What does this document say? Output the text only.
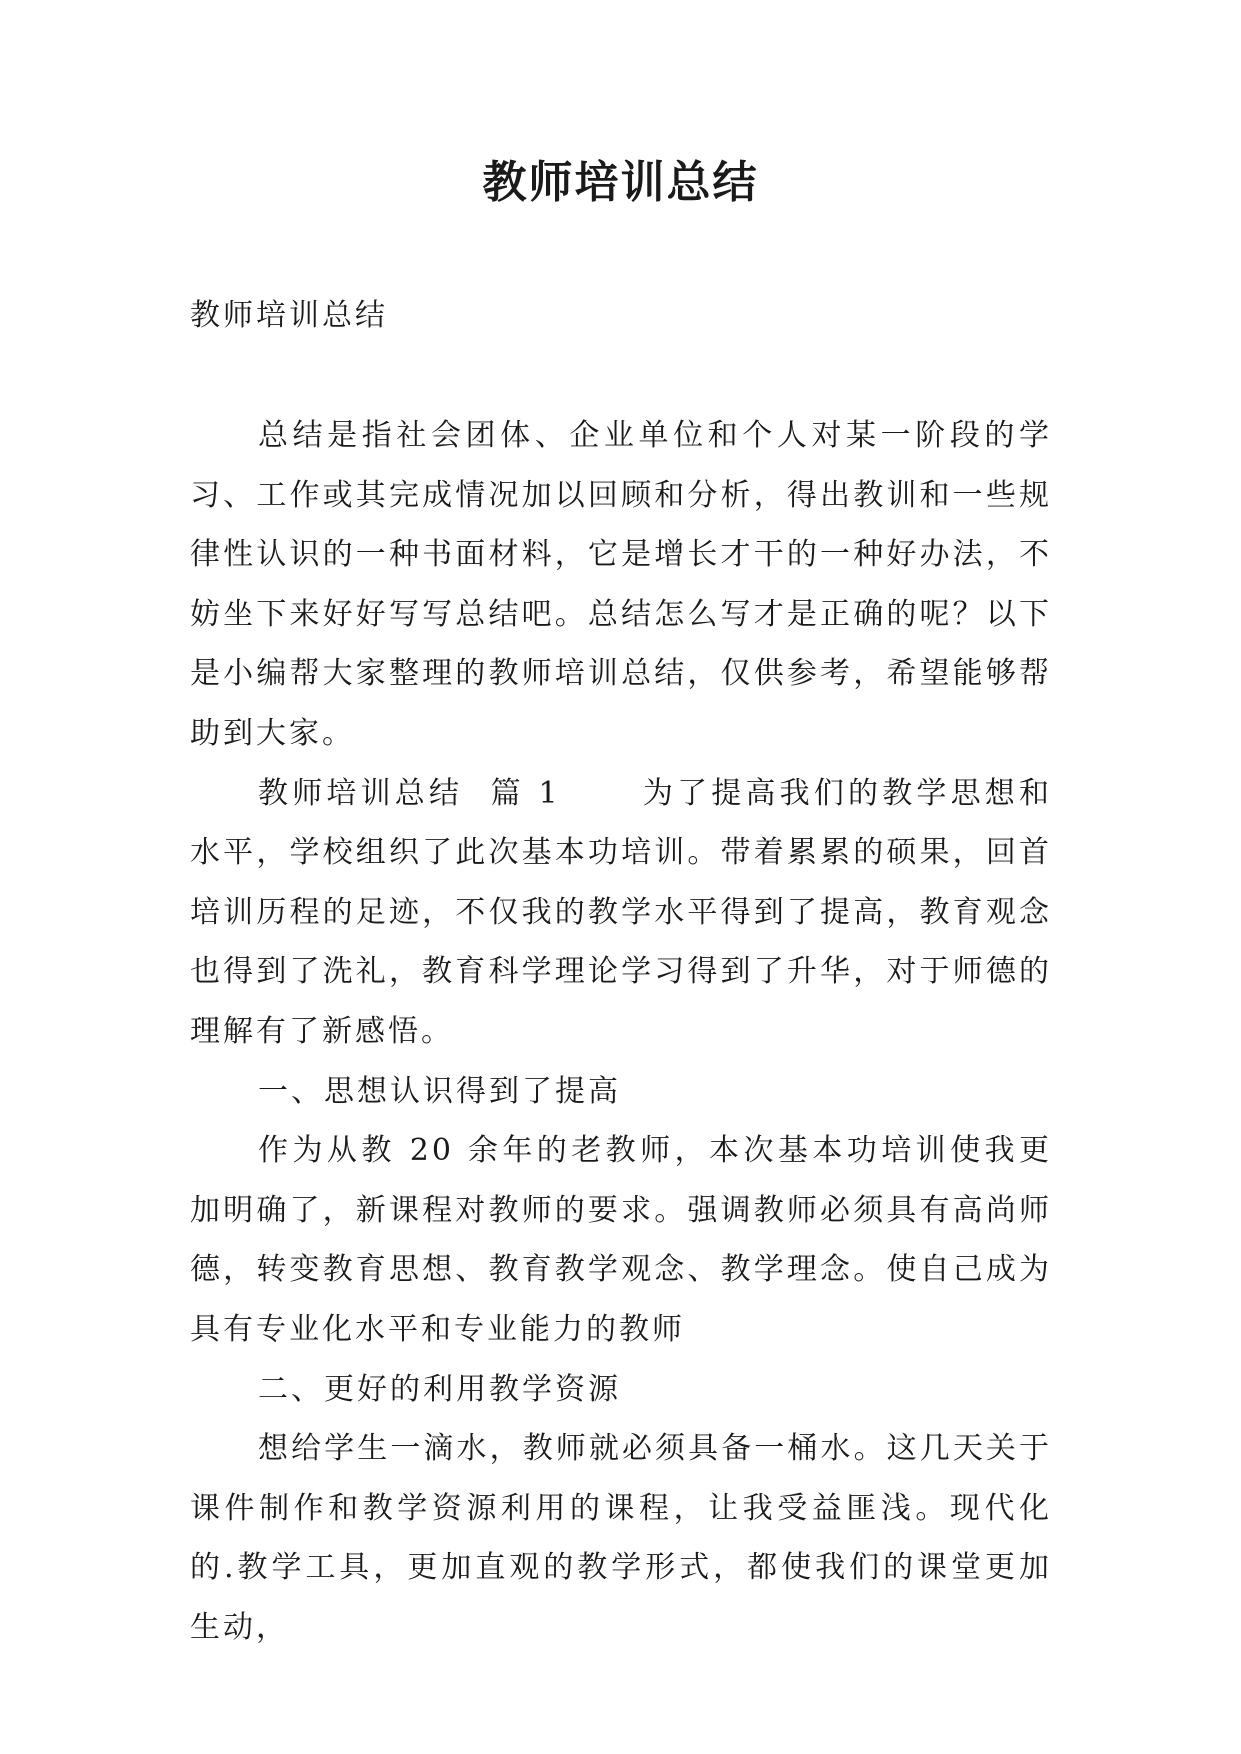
教师培训总结

教师培训总结

总结是指社会团体、企业单位和个人对某一阶段的学习、工作或其完成情况加以回顾和分析，得出教训和一些规律性认识的一种书面材料，它是增长才干的一种好办法，不妨坐下来好好写写总结吧。总结怎么写才是正确的呢？以下是小编帮大家整理的教师培训总结，仅供参考，希望能够帮助到大家。

教师培训总结  篇 1      为了提高我们的教学思想和水平，学校组织了此次基本功培训。带着累累的硕果，回首培训历程的足迹，不仅我的教学水平得到了提高，教育观念也得到了洗礼，教育科学理论学习得到了升华，对于师德的理解有了新感悟。

一、思想认识得到了提高

作为从教 20 余年的老教师，本次基本功培训使我更加明确了，新课程对教师的要求。强调教师必须具有高尚师德，转变教育思想、教育教学观念、教学理念。使自己成为具有专业化水平和专业能力的教师

二、更好的利用教学资源

想给学生一滴水，教师就必须具备一桶水。这几天关于课件制作和教学资源利用的课程，让我受益匪浅。现代化的.教学工具，更加直观的教学形式，都使我们的课堂更加生动，
